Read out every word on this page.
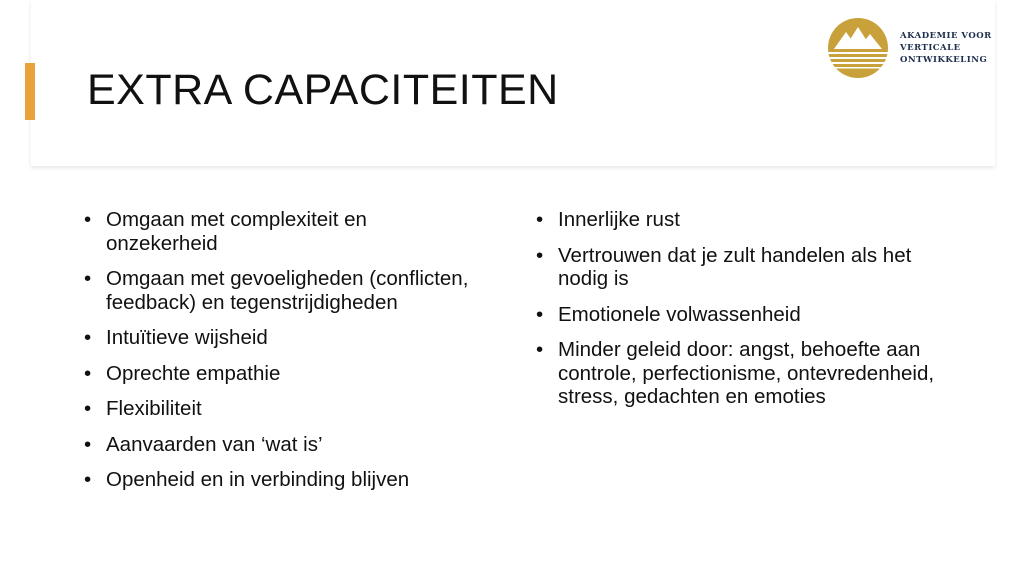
EXTRA CAPACITEITEN
AKADEMIE VOOR
VERTICALE
ONTWIKKELING
• Omgaan met complexiteit en onzekerheid
• Omgaan met gevoeligheden (conflicten, feedback) en tegenstrijdigheden
• Intuïtieve wijsheid
• Oprechte empathie
• Flexibiliteit
• Aanvaarden van ‘wat is’
• Openheid en in verbinding blijven
• Innerlijke rust
• Vertrouwen dat je zult handelen als het nodig is
• Emotionele volwassenheid
• Minder geleid door: angst, behoefte aan controle, perfectionisme, ontevredenheid, stress, gedachten en emoties
